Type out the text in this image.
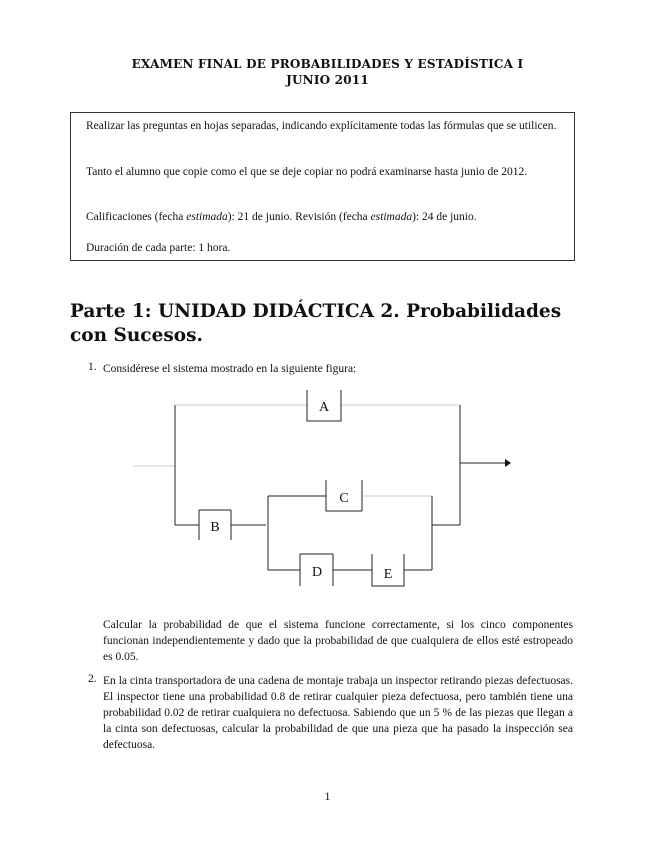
EXAMEN FINAL DE PROBABILIDADES Y ESTADÍSTICA I
JUNIO 2011
Realizar las preguntas en hojas separadas, indicando explícitamente todas las fórmulas que se utilicen.
Tanto el alumno que copie como el que se deje copiar no podrá examinarse hasta junio de 2012.
Calificaciones (fecha estimada): 21 de junio. Revisión (fecha estimada): 24 de junio.
Duración de cada parte: 1 hora.
Parte 1: UNIDAD DIDÁCTICA 2. Probabilidades con Sucesos.
1. Considérese el sistema mostrado en la siguiente figura:
A
B
C
D	E
Calcular la probabilidad de que el sistema funcione correctamente, si los cinco componentes funcionan independientemente y dado que la probabilidad de que cualquiera de ellos esté estropeado es 0.05.
2. En la cinta transportadora de una cadena de montaje trabaja un inspector retirando piezas defectuosas. El inspector tiene una probabilidad 0.8 de retirar cualquier pieza defectuosa, pero también tiene una probabilidad 0.02 de retirar cualquiera no defectuosa. Sabiendo que un 5 % de las piezas que llegan a la cinta son defectuosas, calcular la probabilidad de que una pieza que ha pasado la inspección sea defectuosa.
1
